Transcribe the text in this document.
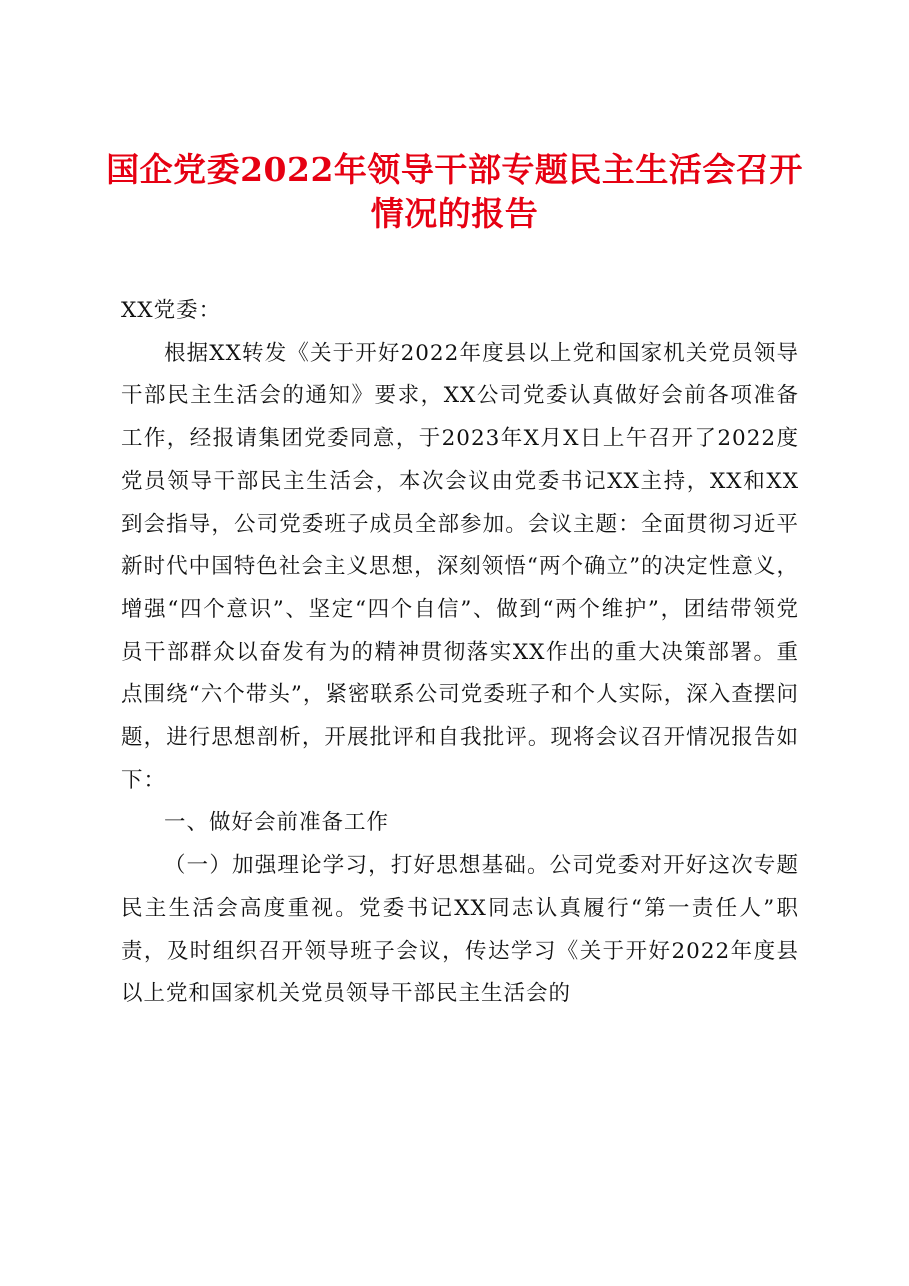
国企党委2022年领导干部专题民主生活会召开情况的报告

XX党委：

根据XX转发《关于开好2022年度县以上党和国家机关党员领导干部民主生活会的通知》要求，XX公司党委认真做好会前各项准备工作，经报请集团党委同意，于2023年X月X日上午召开了2022度党员领导干部民主生活会，本次会议由党委书记XX主持，XX和XX到会指导，公司党委班子成员全部参加。会议主题：全面贯彻习近平新时代中国特色社会主义思想，深刻领悟“两个确立”的决定性意义，增强“四个意识”、坚定“四个自信”、做到“两个维护”，团结带领党员干部群众以奋发有为的精神贯彻落实XX作出的重大决策部署。重点围绕“六个带头”，紧密联系公司党委班子和个人实际，深入查摆问题，进行思想剖析，开展批评和自我批评。现将会议召开情况报告如下：

一、做好会前准备工作

（一）加强理论学习，打好思想基础。公司党委对开好这次专题民主生活会高度重视。党委书记XX同志认真履行“第一责任人”职责，及时组织召开领导班子会议，传达学习《关于开好2022年度县以上党和国家机关党员领导干部民主生活会的
